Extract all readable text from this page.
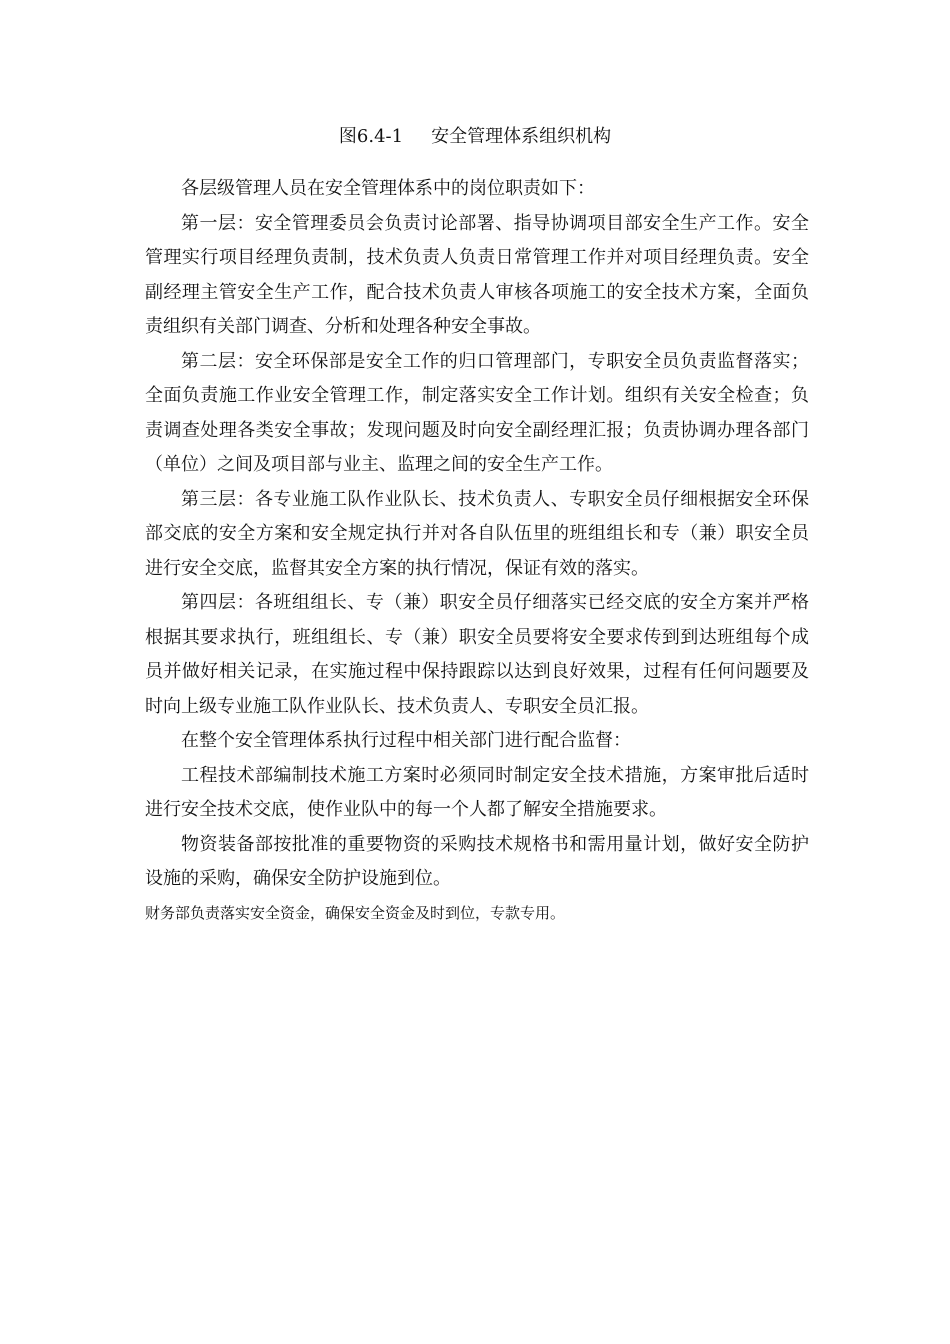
图6.4-1 安全管理体系组织机构

各层级管理人员在安全管理体系中的岗位职责如下：

第一层：安全管理委员会负责讨论部署、指导协调项目部安全生产工作。安全管理实行项目经理负责制，技术负责人负责日常管理工作并对项目经理负责。安全副经理主管安全生产工作，配合技术负责人审核各项施工的安全技术方案，全面负责组织有关部门调查、分析和处理各种安全事故。

第二层：安全环保部是安全工作的归口管理部门，专职安全员负责监督落实；全面负责施工作业安全管理工作，制定落实安全工作计划。组织有关安全检查；负责调查处理各类安全事故；发现问题及时向安全副经理汇报；负责协调办理各部门（单位）之间及项目部与业主、监理之间的安全生产工作。

第三层：各专业施工队作业队长、技术负责人、专职安全员仔细根据安全环保部交底的安全方案和安全规定执行并对各自队伍里的班组组长和专（兼）职安全员进行安全交底，监督其安全方案的执行情况，保证有效的落实。

第四层：各班组组长、专（兼）职安全员仔细落实已经交底的安全方案并严格根据其要求执行，班组组长、专（兼）职安全员要将安全要求传到到达班组每个成员并做好相关记录，在实施过程中保持跟踪以达到良好效果，过程有任何问题要及时向上级专业施工队作业队长、技术负责人、专职安全员汇报。

在整个安全管理体系执行过程中相关部门进行配合监督：

工程技术部编制技术施工方案时必须同时制定安全技术措施，方案审批后适时进行安全技术交底，使作业队中的每一个人都了解安全措施要求。

物资装备部按批准的重要物资的采购技术规格书和需用量计划，做好安全防护设施的采购，确保安全防护设施到位。

财务部负责落实安全资金，确保安全资金及时到位，专款专用。
